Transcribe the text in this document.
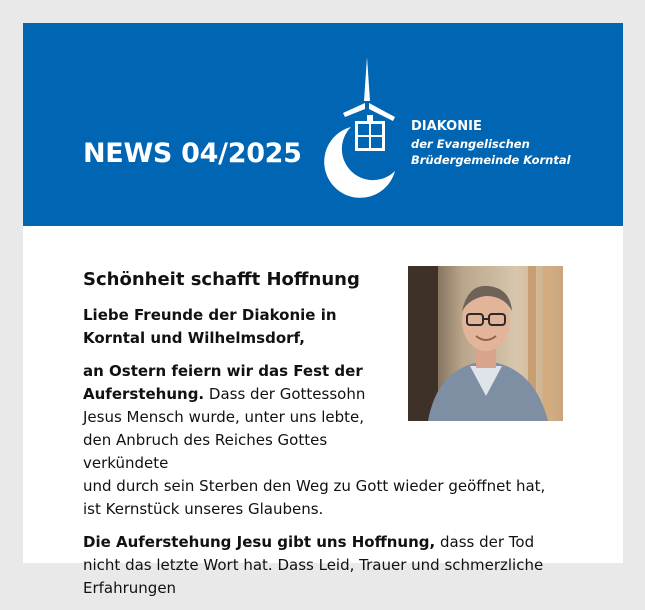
NEWS 04/2025
DIAKONIE
der Evangelischen
Brüdergemeinde Korntal
Schönheit schafft Hoffnung

Liebe Freunde der Diakonie in Korntal und Wilhelmsdorf,

an Ostern feiern wir das Fest der Auferstehung. Dass der Gottessohn Jesus Mensch wurde, unter uns lebte, den Anbruch des Reiches Gottes verkündete
und durch sein Sterben den Weg zu Gott wieder geöffnet hat, ist Kernstück unseres Glaubens.

Die Auferstehung Jesu gibt uns Hoffnung, dass der Tod nicht das letzte Wort hat. Dass Leid, Trauer und schmerzliche Erfahrungen
